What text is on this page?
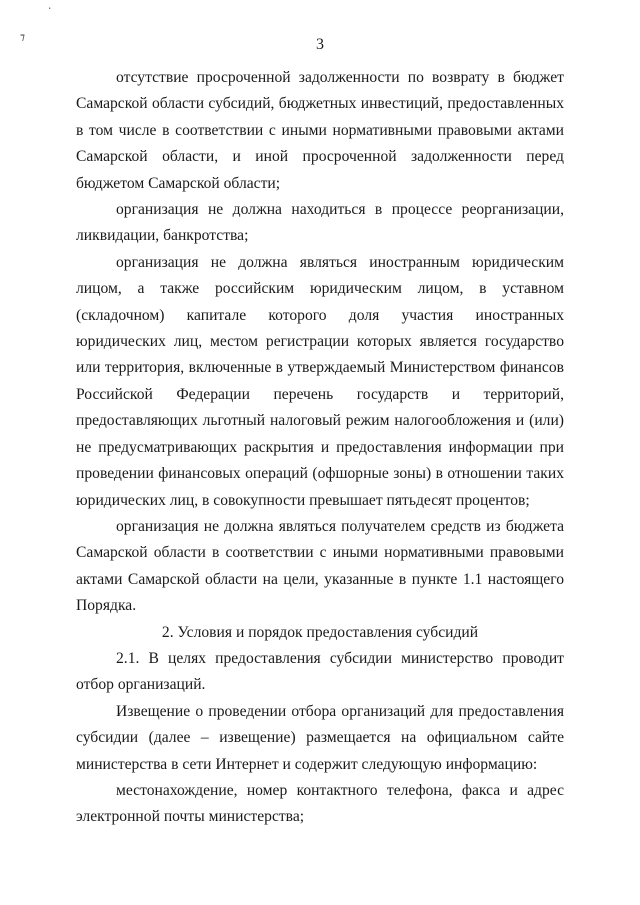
٠
⁊	3

отсутствие просроченной задолженности по возврату в бюджет Самарской области субсидий, бюджетных инвестиций, предоставленных в том числе в соответствии с иными нормативными правовыми актами Самарской области, и иной просроченной задолженности перед бюджетом Самарской области;

организация не должна находиться в процессе реорганизации, ликвидации, банкротства;

организация не должна являться иностранным юридическим лицом, а также российским юридическим лицом, в уставном (складочном) капитале которого доля участия иностранных юридических лиц, местом регистрации которых является государство или территория, включенные в утверждаемый Министерством финансов Российской Федерации перечень государств и территорий, предоставляющих льготный налоговый режим налогообложения и (или) не предусматривающих раскрытия и предоставления информации при проведении финансовых операций (офшорные зоны) в отношении таких юридических лиц, в совокупности превышает пятьдесят процентов;

организация не должна являться получателем средств из бюджета Самарской области в соответствии с иными нормативными правовыми актами Самарской области на цели, указанные в пункте 1.1 настоящего Порядка.

2. Условия и порядок предоставления субсидий

2.1. В целях предоставления субсидии министерство проводит отбор организаций.

Извещение о проведении отбора организаций для предоставления субсидии (далее – извещение) размещается на официальном сайте министерства в сети Интернет и содержит следующую информацию:

местонахождение, номер контактного телефона, факса и адрес электронной почты министерства;
